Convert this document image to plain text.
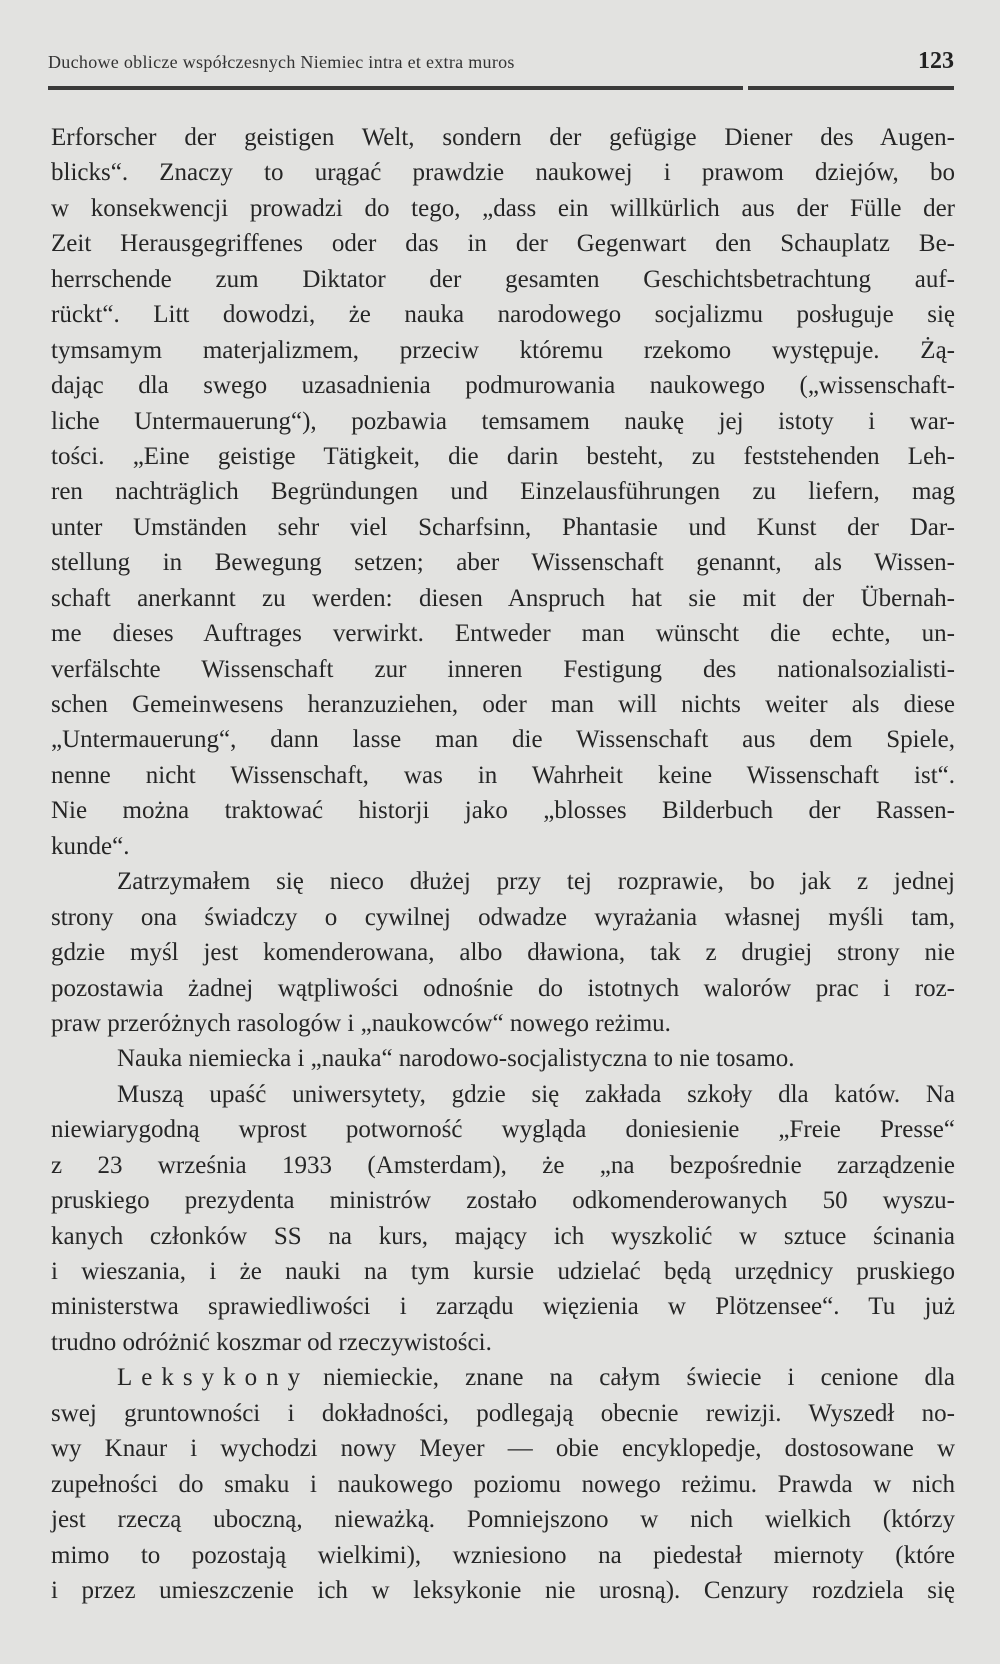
Duchowe oblicze współczesnych Niemiec intra et extra muros	123
Erforscher der geistigen Welt, sondern der gefügige Diener des Augen-
blicks“. Znaczy to urągać prawdzie naukowej i prawom dziejów, bo
w konsekwencji prowadzi do tego, „dass ein willkürlich aus der Fülle der
Zeit Herausgegriffenes oder das in der Gegenwart den Schauplatz Be-
herrschende zum Diktator der gesamten Geschichtsbetrachtung auf-
rückt“. Litt dowodzi, że nauka narodowego socjalizmu posługuje się
tymsamym materjalizmem, przeciw któremu rzekomo występuje. Żą-
dając dla swego uzasadnienia podmurowania naukowego („wissenschaft-
liche Untermauerung“), pozbawia temsamem naukę jej istoty i war-
tości. „Eine geistige Tätigkeit, die darin besteht, zu feststehenden Leh-
ren nachträglich Begründungen und Einzelausführungen zu liefern, mag
unter Umständen sehr viel Scharfsinn, Phantasie und Kunst der Dar-
stellung in Bewegung setzen; aber Wissenschaft genannt, als Wissen-
schaft anerkannt zu werden: diesen Anspruch hat sie mit der Übernah-
me dieses Auftrages verwirkt. Entweder man wünscht die echte, un-
verfälschte Wissenschaft zur inneren Festigung des nationalsozialisti-
schen Gemeinwesens heranzuziehen, oder man will nichts weiter als diese
„Untermauerung“, dann lasse man die Wissenschaft aus dem Spiele,
nenne nicht Wissenschaft, was in Wahrheit keine Wissenschaft ist“.
Nie można traktować historji jako „blosses Bilderbuch der Rassen-
kunde“.
Zatrzymałem się nieco dłużej przy tej rozprawie, bo jak z jednej
strony ona świadczy o cywilnej odwadze wyrażania własnej myśli tam,
gdzie myśl jest komenderowana, albo dławiona, tak z drugiej strony nie
pozostawia żadnej wątpliwości odnośnie do istotnych walorów prac i roz-
praw przeróżnych rasologów i „naukowców“ nowego reżimu.
Nauka niemiecka i „nauka“ narodowo-socjalistyczna to nie tosamo.
Muszą upaść uniwersytety, gdzie się zakłada szkoły dla katów. Na
niewiarygodną wprost potworność wygląda doniesienie „Freie Presse“
z 23 września 1933 (Amsterdam), że „na bezpośrednie zarządzenie
pruskiego prezydenta ministrów zostało odkomenderowanych 50 wyszu-
kanych członków SS na kurs, mający ich wyszkolić w sztuce ścinania
i wieszania, i że nauki na tym kursie udzielać będą urzędnicy pruskiego
ministerstwa sprawiedliwości i zarządu więzienia w Plötzensee“. Tu już
trudno odróżnić koszmar od rzeczywistości.
Leksykony niemieckie, znane na całym świecie i cenione dla
swej gruntowności i dokładności, podlegają obecnie rewizji. Wyszedł no-
wy Knaur i wychodzi nowy Meyer — obie encyklopedje, dostosowane w
zupełności do smaku i naukowego poziomu nowego reżimu. Prawda w nich
jest rzeczą uboczną, nieważką. Pomniejszono w nich wielkich (którzy
mimo to pozostają wielkimi), wzniesiono na piedestał miernoty (które
i przez umieszczenie ich w leksykonie nie urosną). Cenzury rozdziela się
